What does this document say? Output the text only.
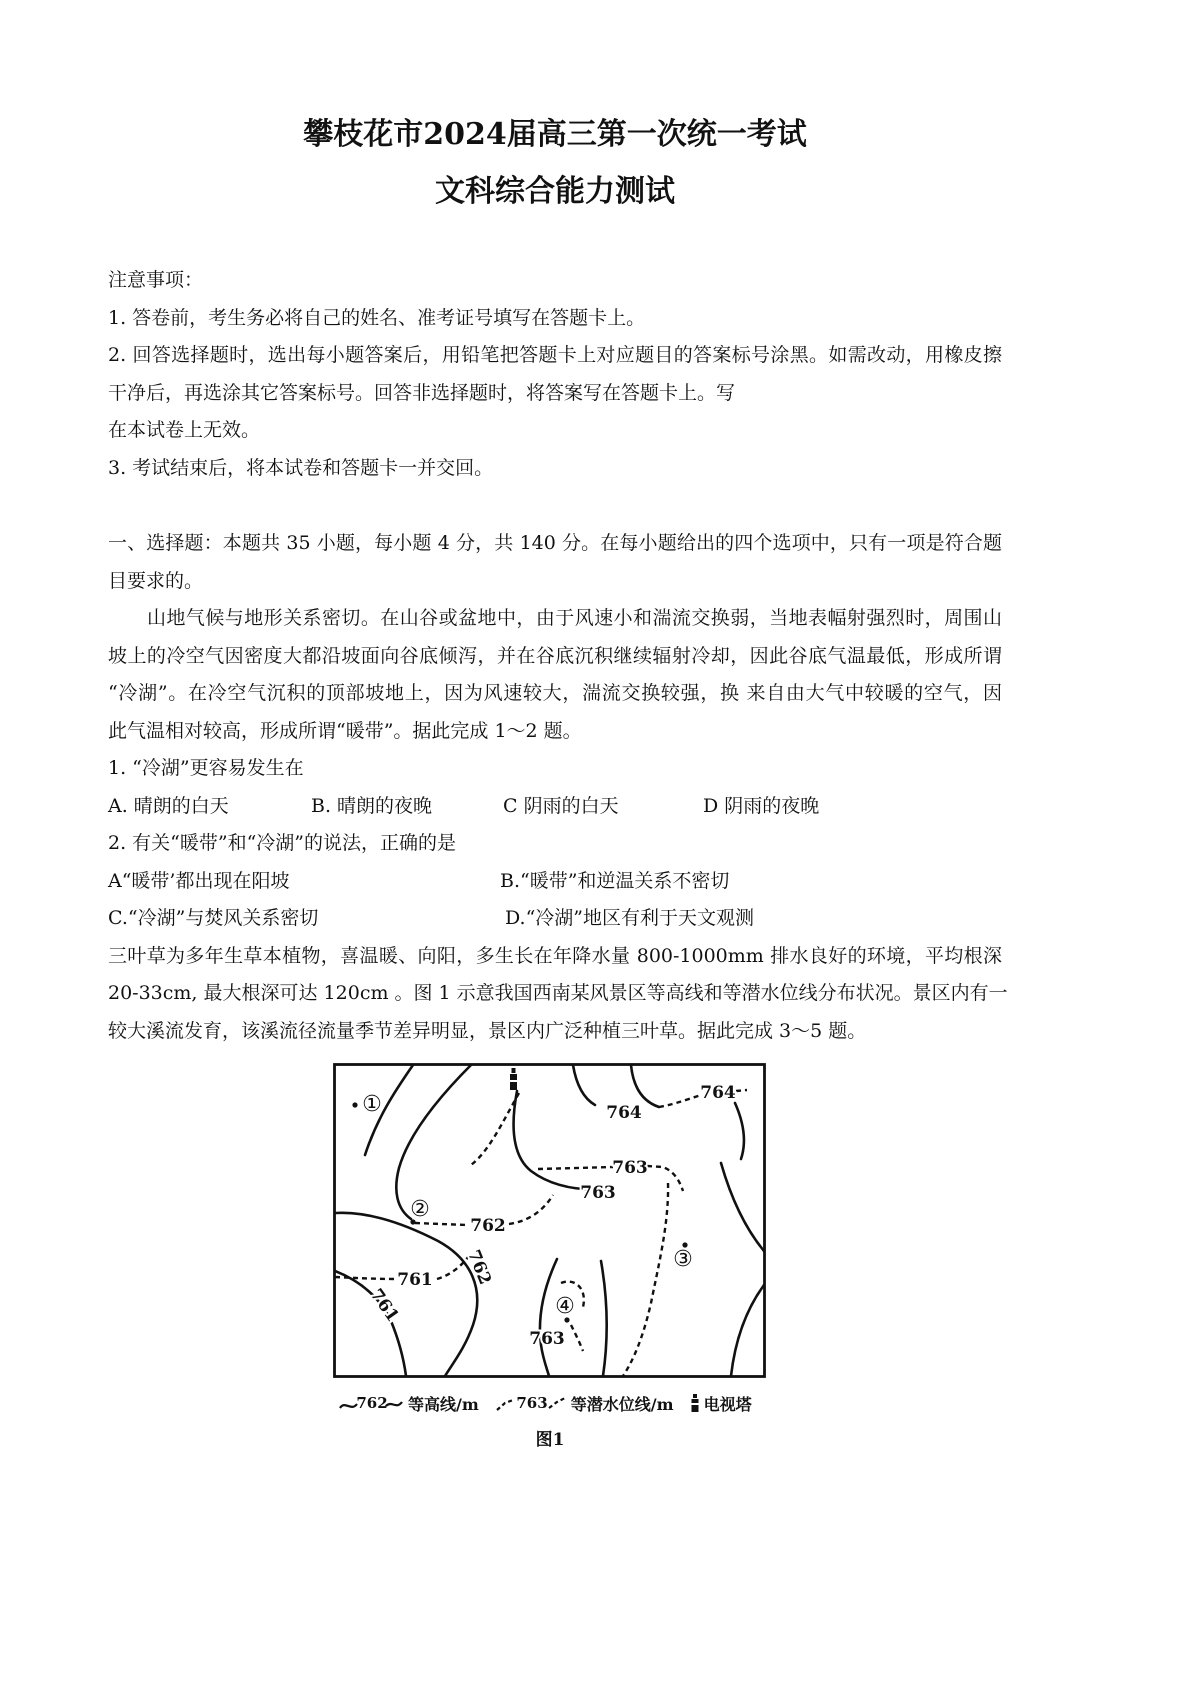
攀枝花市2024届高三第一次统一考试
文科综合能力测试
注意事项：
1. 答卷前，考生务必将自己的姓名、准考证号填写在答题卡上。
2. 回答选择题时，选出每小题答案后，用铅笔把答题卡上对应题目的答案标号涂黑。如需改动，用橡皮擦
干净后，再选涂其它答案标号。回答非选择题时，将答案写在答题卡上。写
在本试卷上无效。
3. 考试结束后，将本试卷和答题卡一并交回。
一、选择题：本题共 35 小题，每小题 4 分，共 140 分。在每小题给出的四个选项中，只有一项是符合题
目要求的。
山地气候与地形关系密切。在山谷或盆地中，由于风速小和湍流交换弱，当地表幅射强烈时，周围山
坡上的冷空气因密度大都沿坡面向谷底倾泻，并在谷底沉积继续辐射冷却，因此谷底气温最低，形成所谓
“冷湖”。在冷空气沉积的顶部坡地上，因为风速较大，湍流交换较强，换 来自由大气中较暖的空气，因
此气温相对较高，形成所谓“暖带”。据此完成 1～2 题。
1. “冷湖”更容易发生在
A. 晴朗的白天	B. 晴朗的夜晚	C 阴雨的白天	D 阴雨的夜晚
2. 有关“暖带”和“冷湖”的说法，正确的是
A“暖带’都出现在阳坡	B.“暖带”和逆温关系不密切
C.“冷湖”与焚风关系密切	D.“冷湖”地区有利于天文观测
三叶草为多年生草本植物，喜温暖、向阳，多生长在年降水量 800-1000mm 排水良好的环境，平均根深
20-33cm, 最大根深可达 120cm 。图 1 示意我国西南某风景区等高线和等潜水位线分布状况。景区内有一
较大溪流发育，该溪流径流量季节差异明显，景区内广泛种植三叶草。据此完成 3～5 题。
764
764
763
763
762
762
761
761
763
①
②
③
④
762 等高线/m 763 等潜水位线/m 电视塔
图1
